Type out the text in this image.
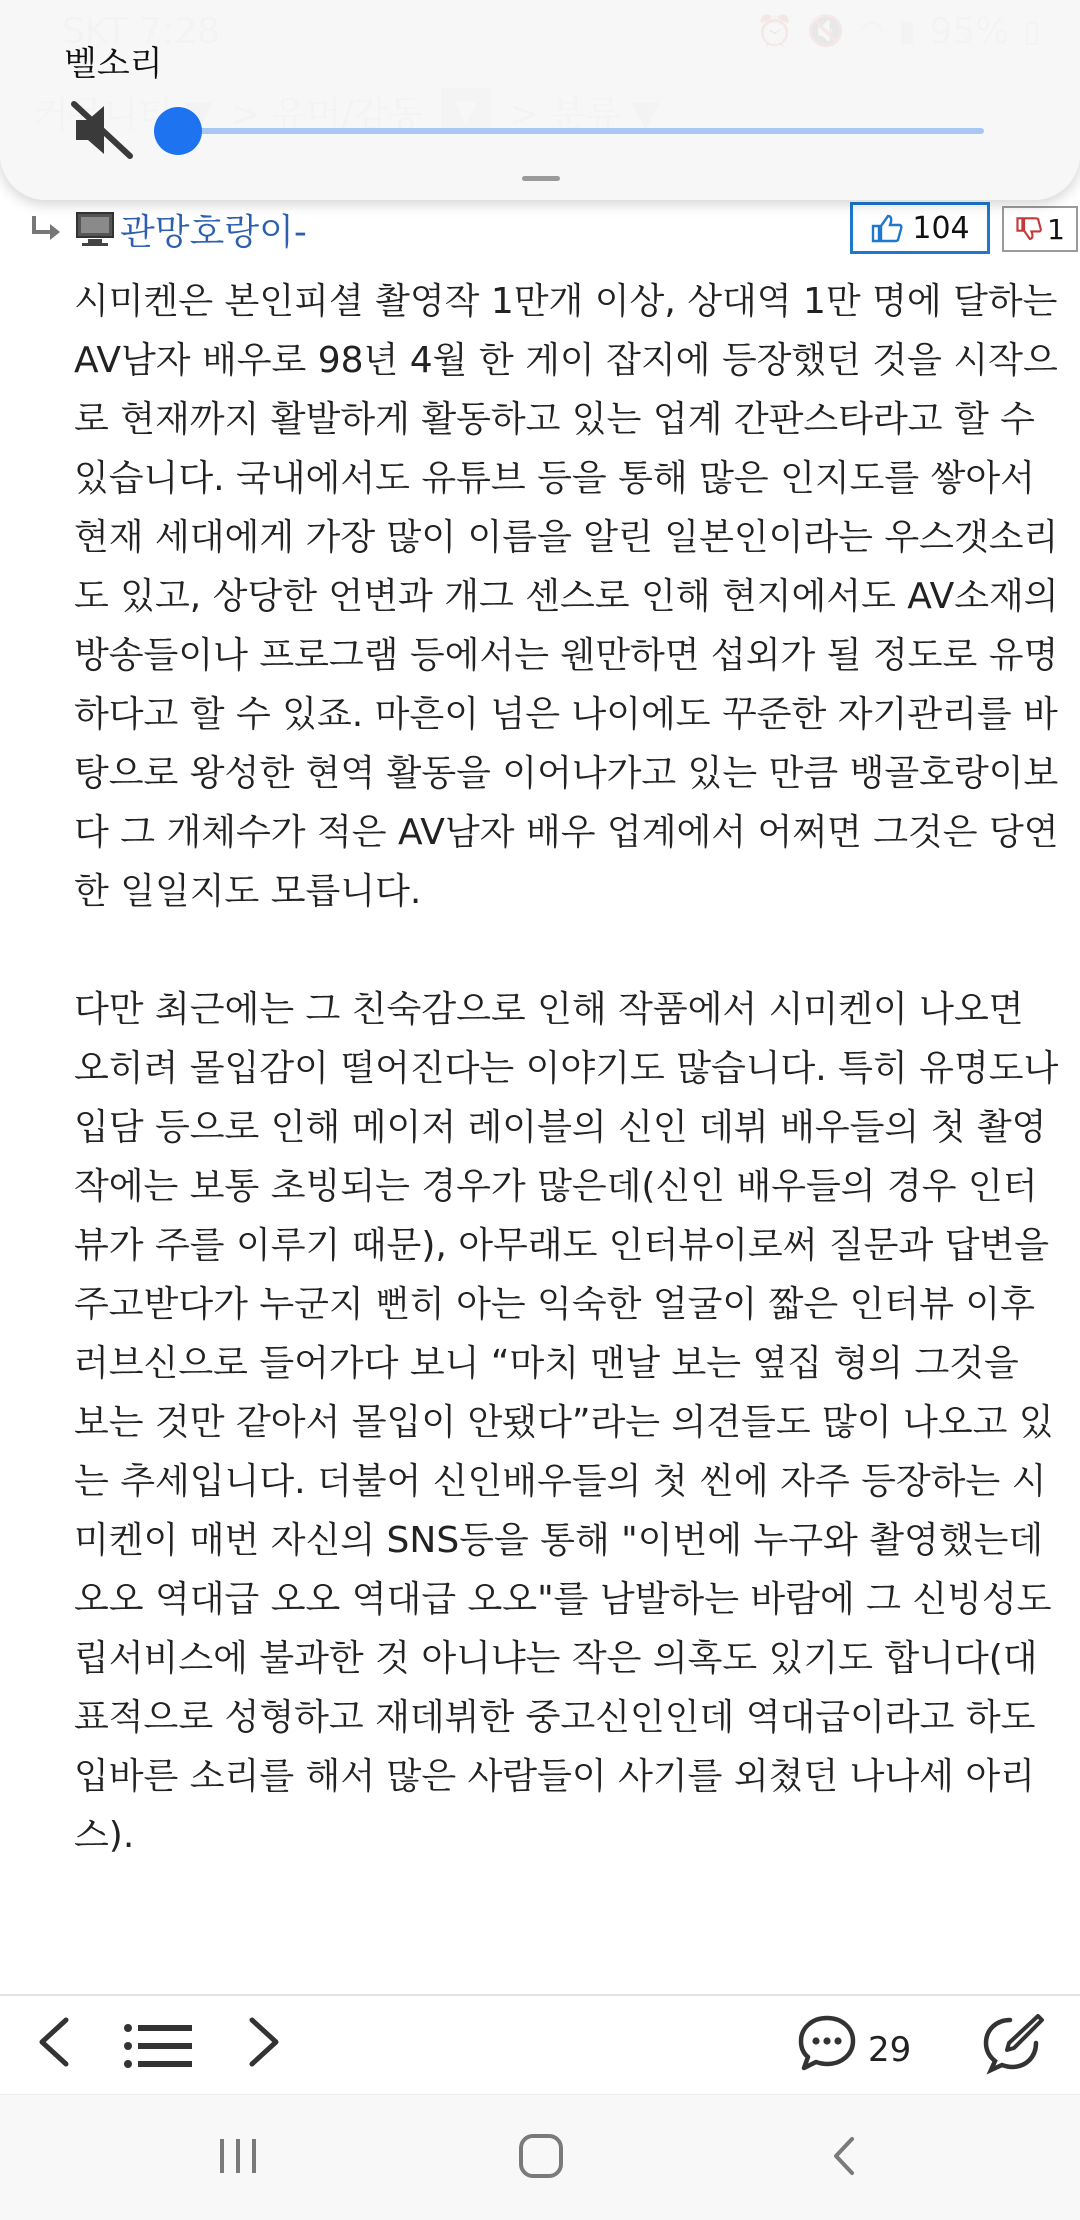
벨소리
관망호랑이-	104	1

시미켄은 본인피셜 촬영작 1만개 이상, 상대역 1만 명에 달하는 AV남자 배우로 98년 4월 한 게이 잡지에 등장했던 것을 시작으로 현재까지 활발하게 활동하고 있는 업계 간판스타라고 할 수 있습니다. 국내에서도 유튜브 등을 통해 많은 인지도를 쌓아서 현재 세대에게 가장 많이 이름을 알린 일본인이라는 우스갯소리도 있고, 상당한 언변과 개그 센스로 인해 현지에서도 AV소재의 방송들이나 프로그램 등에서는 웬만하면 섭외가 될 정도로 유명하다고 할 수 있죠. 마흔이 넘은 나이에도 꾸준한 자기관리를 바탕으로 왕성한 현역 활동을 이어나가고 있는 만큼 뱅골호랑이보다 그 개체수가 적은 AV남자 배우 업계에서 어쩌면 그것은 당연한 일일지도 모릅니다.

다만 최근에는 그 친숙감으로 인해 작품에서 시미켄이 나오면 오히려 몰입감이 떨어진다는 이야기도 많습니다. 특히 유명도나 입담 등으로 인해 메이저 레이블의 신인 데뷔 배우들의 첫 촬영작에는 보통 초빙되는 경우가 많은데(신인 배우들의 경우 인터뷰가 주를 이루기 때문), 아무래도 인터뷰이로써 질문과 답변을 주고받다가 누군지 뻔히 아는 익숙한 얼굴이 짧은 인터뷰 이후 러브신으로 들어가다 보니 “마치 맨날 보는 옆집 형의 그것을 보는 것만 같아서 몰입이 안됐다”라는 의견들도 많이 나오고 있는 추세입니다. 더불어 신인배우들의 첫 씬에 자주 등장하는 시미켄이 매번 자신의 SNS등을 통해 "이번에 누구와 촬영했는데 오오 역대급 오오 역대급 오오"를 남발하는 바람에 그 신빙성도 립서비스에 불과한 것 아니냐는 작은 의혹도 있기도 합니다(대표적으로 성형하고 재데뷔한 중고신인인데 역대급이라고 하도 입바른 소리를 해서 많은 사람들이 사기를 외쳤던 나나세 아리스).

29
